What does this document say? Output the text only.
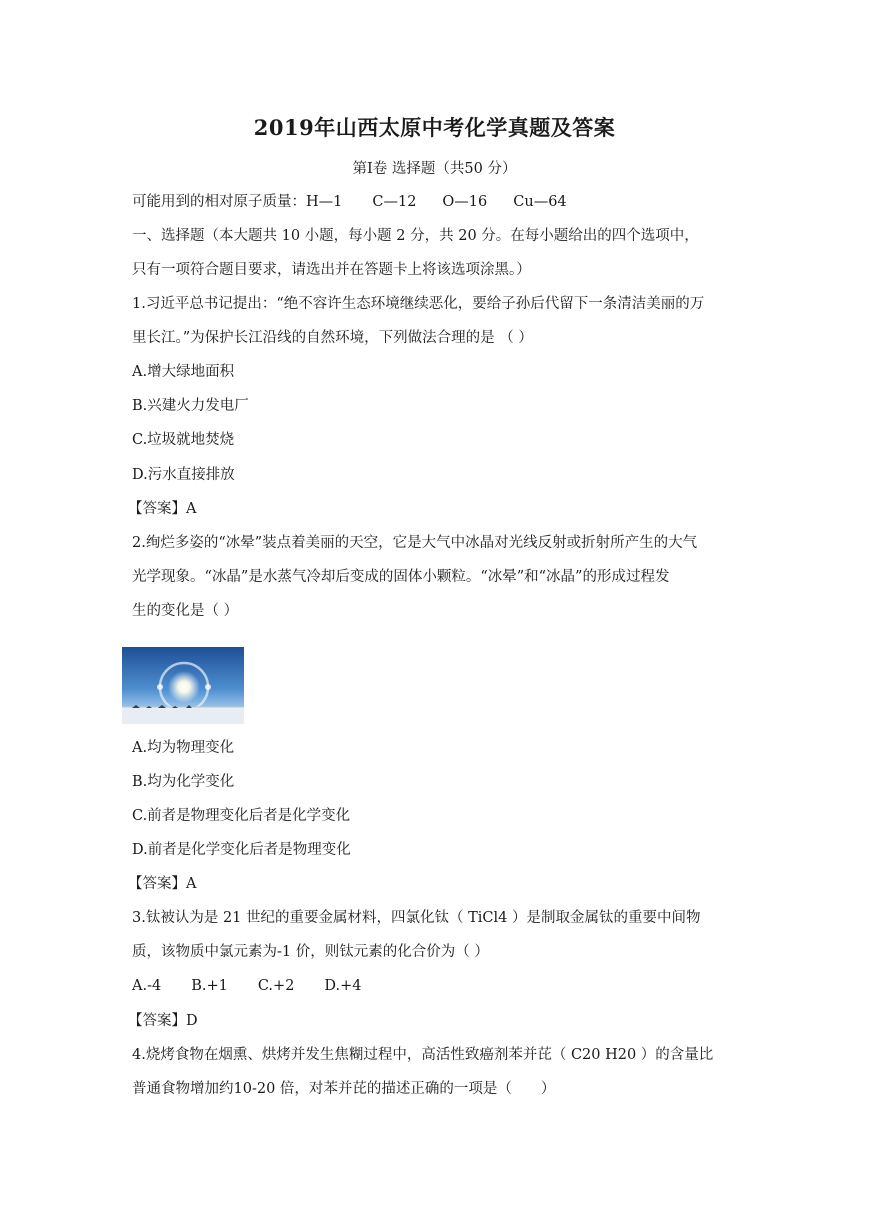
2019年山西太原中考化学真题及答案
第Ⅰ卷 选择题（共50 分）
可能用到的相对原子质量：H—1 C—12 O—16 Cu—64
一、选择题（本大题共 10 小题，每小题 2 分，共 20 分。在每小题给出的四个选项中，
只有一项符合题目要求，请选出并在答题卡上将该选项涂黑。）
1.习近平总书记提出：“绝不容许生态环境继续恶化，要给子孙后代留下一条清洁美丽的万
里长江。”为保护长江沿线的自然环境，下列做法合理的是 （ ）
A.增大绿地面积
B.兴建火力发电厂
C.垃圾就地焚烧
D.污水直接排放
【答案】A
2.绚烂多姿的“冰晕”装点着美丽的天空，它是大气中冰晶对光线反射或折射所产生的大气
光学现象。“冰晶”是水蒸气冷却后变成的固体小颗粒。“冰晕”和“冰晶”的形成过程发
生的变化是（ ）
A.均为物理变化
B.均为化学变化
C.前者是物理变化后者是化学变化
D.前者是化学变化后者是物理变化
【答案】A
3.钛被认为是 21 世纪的重要金属材料，四氯化钛（ TiCl4 ）是制取金属钛的重要中间物
质，该物质中氯元素为-1 价，则钛元素的化合价为（ ）
A.-4 B.+1 C.+2 D.+4
【答案】D
4.烧烤食物在烟熏、烘烤并发生焦糊过程中，高活性致癌剂苯并芘（ C20 H20 ）的含量比
普通食物增加约10-20 倍，对苯并芘的描述正确的一项是（　　）
